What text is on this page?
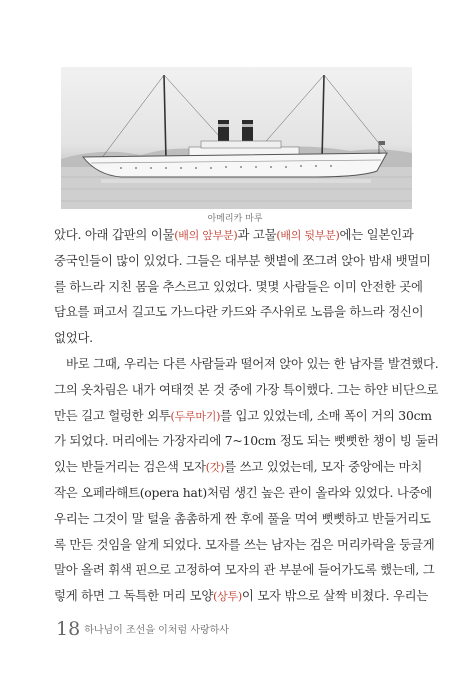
아메리카 마루
았다. 아래 갑판의 이물(배의 앞부분)과 고물(배의 뒷부분)에는 일본인과
중국인들이 많이 있었다. 그들은 대부분 햇볕에 쪼그려 앉아 밤새 뱃멀미
를 하느라 지친 몸을 추스르고 있었다. 몇몇 사람들은 이미 안전한 곳에
담요를 펴고서 길고도 가느다란 카드와 주사위로 노름을 하느라 정신이
없었다.
바로 그때, 우리는 다른 사람들과 떨어져 앉아 있는 한 남자를 발견했다.
그의 옷차림은 내가 여태껏 본 것 중에 가장 특이했다. 그는 하얀 비단으로
만든 길고 헐렁한 외투(두루마기)를 입고 있었는데, 소매 폭이 거의 30cm
가 되었다. 머리에는 가장자리에 7~10cm 정도 되는 뻣뻣한 챙이 빙 둘러
있는 반들거리는 검은색 모자(갓)를 쓰고 있었는데, 모자 중앙에는 마치
작은 오페라해트(opera hat)처럼 생긴 높은 관이 올라와 있었다. 나중에
우리는 그것이 말 털을 촘촘하게 짠 후에 풀을 먹여 뻣뻣하고 반들거리도
록 만든 것임을 알게 되었다. 모자를 쓰는 남자는 검은 머리카락을 둥글게
말아 올려 휘색 핀으로 고정하여 모자의 관 부분에 들어가도록 했는데, 그
렇게 하면 그 독특한 머리 모양(상투)이 모자 밖으로 살짝 비쳤다. 우리는
18 하나님이 조선을 이처럼 사랑하사
